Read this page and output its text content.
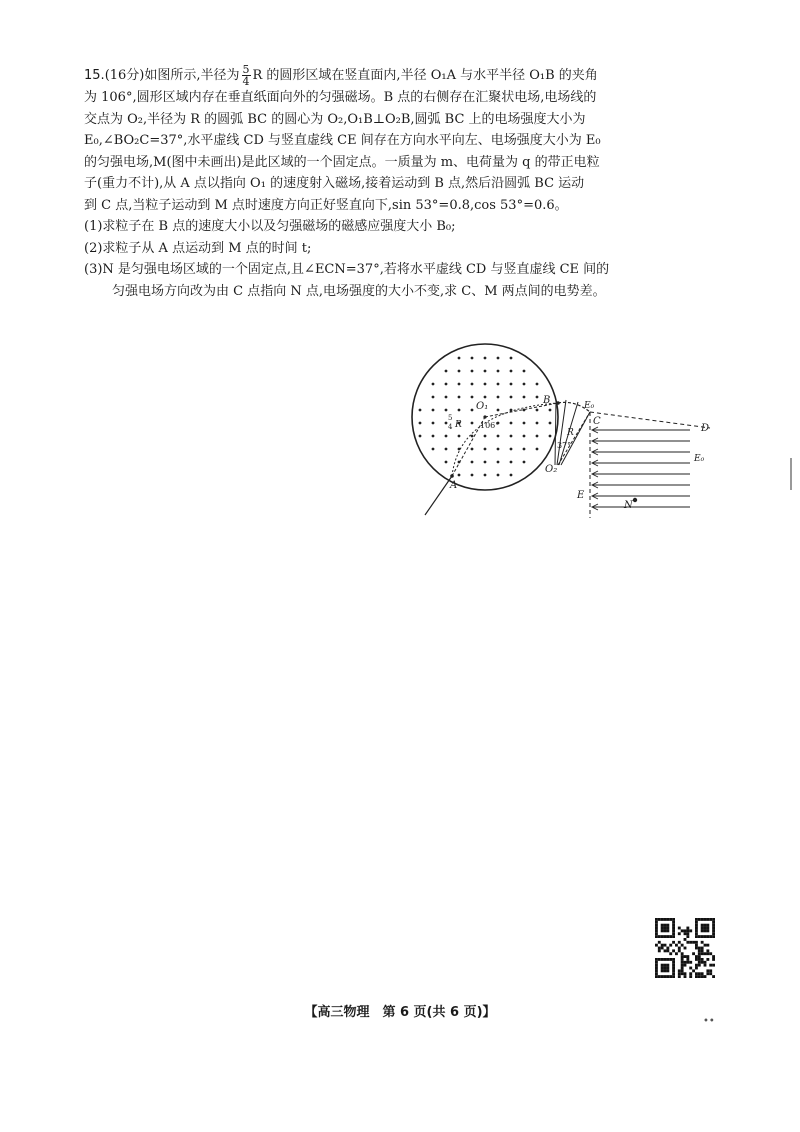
15.(16分)如图所示,半径为 $\frac{5}{4}$ R 的圆形区域在竖直面内,半径 O₁A 与水平半径 O₁B 的夹角
为 106°,圆形区域内存在垂直纸面向外的匀强磁场。B 点的右侧存在汇聚状电场,电场线的
交点为 O₂,半径为 R 的圆弧 BC 的圆心为 O₂,O₁B⊥O₂B,圆弧 BC 上的电场强度大小为
E₀,∠BO₂C=37°,水平虚线 CD 与竖直虚线 CE 间存在方向水平向左、电场强度大小为 E₀
的匀强电场,M(图中未画出)是此区域的一个固定点。一质量为 m、电荷量为 q 的带正电粒
子(重力不计),从 A 点以指向 O₁ 的速度射入磁场,接着运动到 B 点,然后沿圆弧 BC 运动
到 C 点,当粒子运动到 M 点时速度方向正好竖直向下,sin 53°=0.8,cos 53°=0.6。
(1)求粒子在 B 点的速度大小以及匀强磁场的磁感应强度大小 B₀;
(2)求粒子从 A 点运动到 M 点的时间 t;
(3)N 是匀强电场区域的一个固定点,且∠ECN=37°,若将水平虚线 CD 与竖直虚线 CE 间的
匀强电场方向改为由 C 点指向 N 点,电场强度的大小不变,求 C、M 两点间的电势差。
O₁
106°
5
4 R
A
B	E₀
C
R
37°
O₂
D
E₀
E
N
【高三物理　第 6 页(共 6 页)】
••
